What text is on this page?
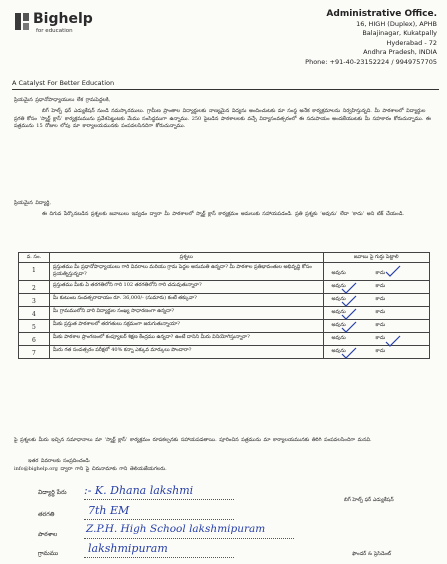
Bighelp
for education
A Catalyst For Better Education
Administrative Office.
16, HIGH (Duplex), APHB
Balajinagar, Kukatpally
Hyderabad - 72
Andhra Pradesh, INDIA
Phone: +91-40-23152224 / 9949757705
ప్రియమైన ప్రధానోపాధ్యాయులు లేక గ్రామపెద్దలకి,
బిగ్ హెల్ప్ ఫర్ ఎడ్యుకేషన్ నుండి నమస్కారములు. గ్రామీణ ప్రాంతాల విద్యార్థులకు నాణ్యమైన విద్యను అందించుటకు మా సంస్థ అనేక కార్యక్రమాలను నిర్వహిస్తున్నది. మీ పాఠశాలలో విద్యార్థుల ప్రగతి కోసం ‘స్మార్ట్ క్లాస్’ కార్యక్రమమును ప్రవేశపెట్టుటకు మేము సంసిద్ధముగా ఉన్నాము. 250 పైబడిన పాఠశాలలకు వచ్చే విద్యాసంవత్సరంలో ఈ సదుపాయం అందజేయుటకు మీ సహకారం కోరుచున్నాము. ఈ పత్రమును 15 రోజుల లోపు మా కార్యాలయమునకు పంపవలసినదిగా కోరుచున్నాము.
ప్రియమైన విద్యార్థి,
ఈ దిగువ పేర్కొనబడిన ప్రశ్నలకు జవాబులు ఇవ్వడం ద్వారా మీ పాఠశాలలో స్మార్ట్ క్లాస్ కార్యక్రమం అమలుకు సహాయపడండి. ప్రతి ప్రశ్నకు ‘అవును’ లేదా ‘కాదు’ అని టిక్ చేయండి.
వ. సం.	ప్రశ్నలు	జవాబు పై గుర్తు పెట్టాలి
1	ప్రస్తుతము మీ ప్రధానోపాధ్యాయులు గారి వివరాలు మరియు గ్రామ పెద్దల అనుమతి ఉన్నదా? మీ పాఠశాల ప్రతిభావంతుల అభివృద్ధి కోసం ప్రయత్నిస్తున్నదా?	అవును కాదు

2	ప్రస్తుతము మీకు ఏ తరగతిలోని గారి 102 తరగతిలోని గారి చదువుతున్నారా?	అవును కాదు

3	మీ కుటుంబ సంవత్సరాదాయం రూ. 36,000/- (సుమారు) కంటే తక్కువా?	అవును కాదు

4	మీ గ్రామములోని వారి విద్యార్థుల సంఖ్య సాధారణంగా ఉన్నదా?	అవును కాదు

5	మీకు ప్రస్తుత పాఠశాలలో తరగతులు సక్రమంగా జరుగుతున్నాయా?	అవును కాదు

6	మీకు పాఠశాల ప్రాంగణంలో కంప్యూటర్ శిక్షణ కేంద్రము ఉన్నదా? ఉంటే దానిని మీరు వినియోగిస్తున్నారా?	అవును కాదు

7	మీరు గత సంవత్సరం పరీక్షలో 40% కన్నా ఎక్కువ మార్కులు పొందారా?	అవును కాదు
పై ప్రశ్నలకు మీరు ఇచ్చిన సమాధానాలు మా ‘స్మార్ట్ క్లాస్’ కార్యక్రమం రూపకల్పనకు సహాయపడతాయి. పూరించిన పత్రమును మా కార్యాలయమునకు తిరిగి పంపవలసిందిగా మనవి.
ఇతర వివరాలకు సంప్రదించండి:
info@bighelp.org ద్వారా గాని పై చిరునామాకు గాని తెలియజేయగలరు.
విద్యార్థి పేరు :- K. Dhana lakshmi
తరగతి	7th EM
పాఠశాల	Z.P.H. High School lakshmipuram
గ్రామము	lakshmipuram
బిగ్ హెల్ప్ ఫర్ ఎడ్యుకేషన్
ఫౌండర్ & ప్రెసిడెంట్
